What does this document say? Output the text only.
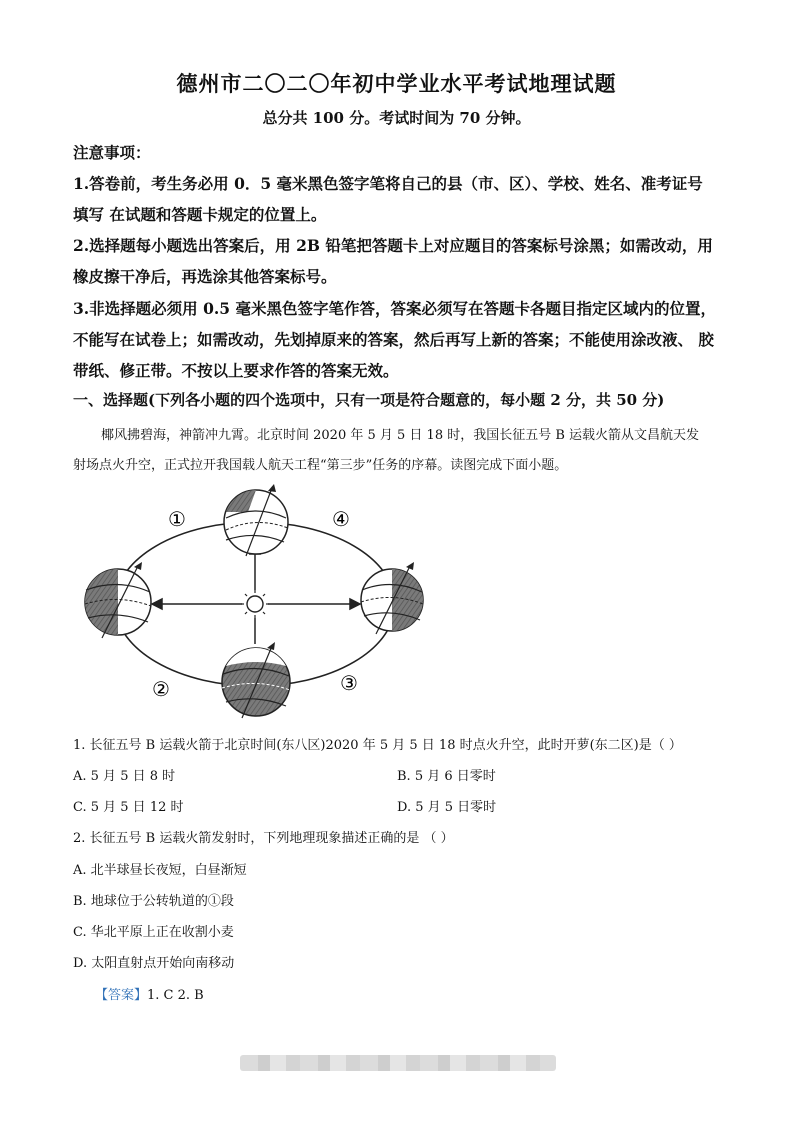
德州市二〇二〇年初中学业水平考试地理试题
总分共 100 分。考试时间为 70 分钟。
注意事项：
1.答卷前，考生务必用 0．5 毫米黑色签字笔将自己的县（市、区）、学校、姓名、准考证号
填写 在试题和答题卡规定的位置上。
2.选择题每小题选出答案后，用 2B 铅笔把答题卡上对应题目的答案标号涂黑；如需改动，用
橡皮擦干净后，再选涂其他答案标号。
3.非选择题必须用 0.5 毫米黑色签字笔作答，答案必须写在答题卡各题目指定区域内的位置，
不能写在试卷上；如需改动，先划掉原来的答案，然后再写上新的答案；不能使用涂改液、 胶
带纸、修正带。不按以上要求作答的答案无效。
一、选择题(下列各小题的四个选项中，只有一项是符合题意的，每小题 2 分，共 50 分)
椰风拂碧海，神箭冲九霄。北京时间 2020 年 5 月 5 日 18 时，我国长征五号 B 运载火箭从文昌航天发
射场点火升空，正式拉开我国载人航天工程“第三步”任务的序幕。读图完成下面小题。
①	④
②	③
1. 长征五号 B 运载火箭于北京时间(东八区)2020 年 5 月 5 日 18 时点火升空，此时开萝(东二区)是（ ）
A. 5 月 5 日 8 时	B. 5 月 6 日零时
C. 5 月 5 日 12 时	D. 5 月 5 日零时
2. 长征五号 B 运载火箭发射时，下列地理现象描述正确的是 （ ）
A. 北半球昼长夜短，白昼渐短
B. 地球位于公转轨道的①段
C. 华北平原上正在收割小麦
D. 太阳直射点开始向南移动
【答案】1. C 2. B
